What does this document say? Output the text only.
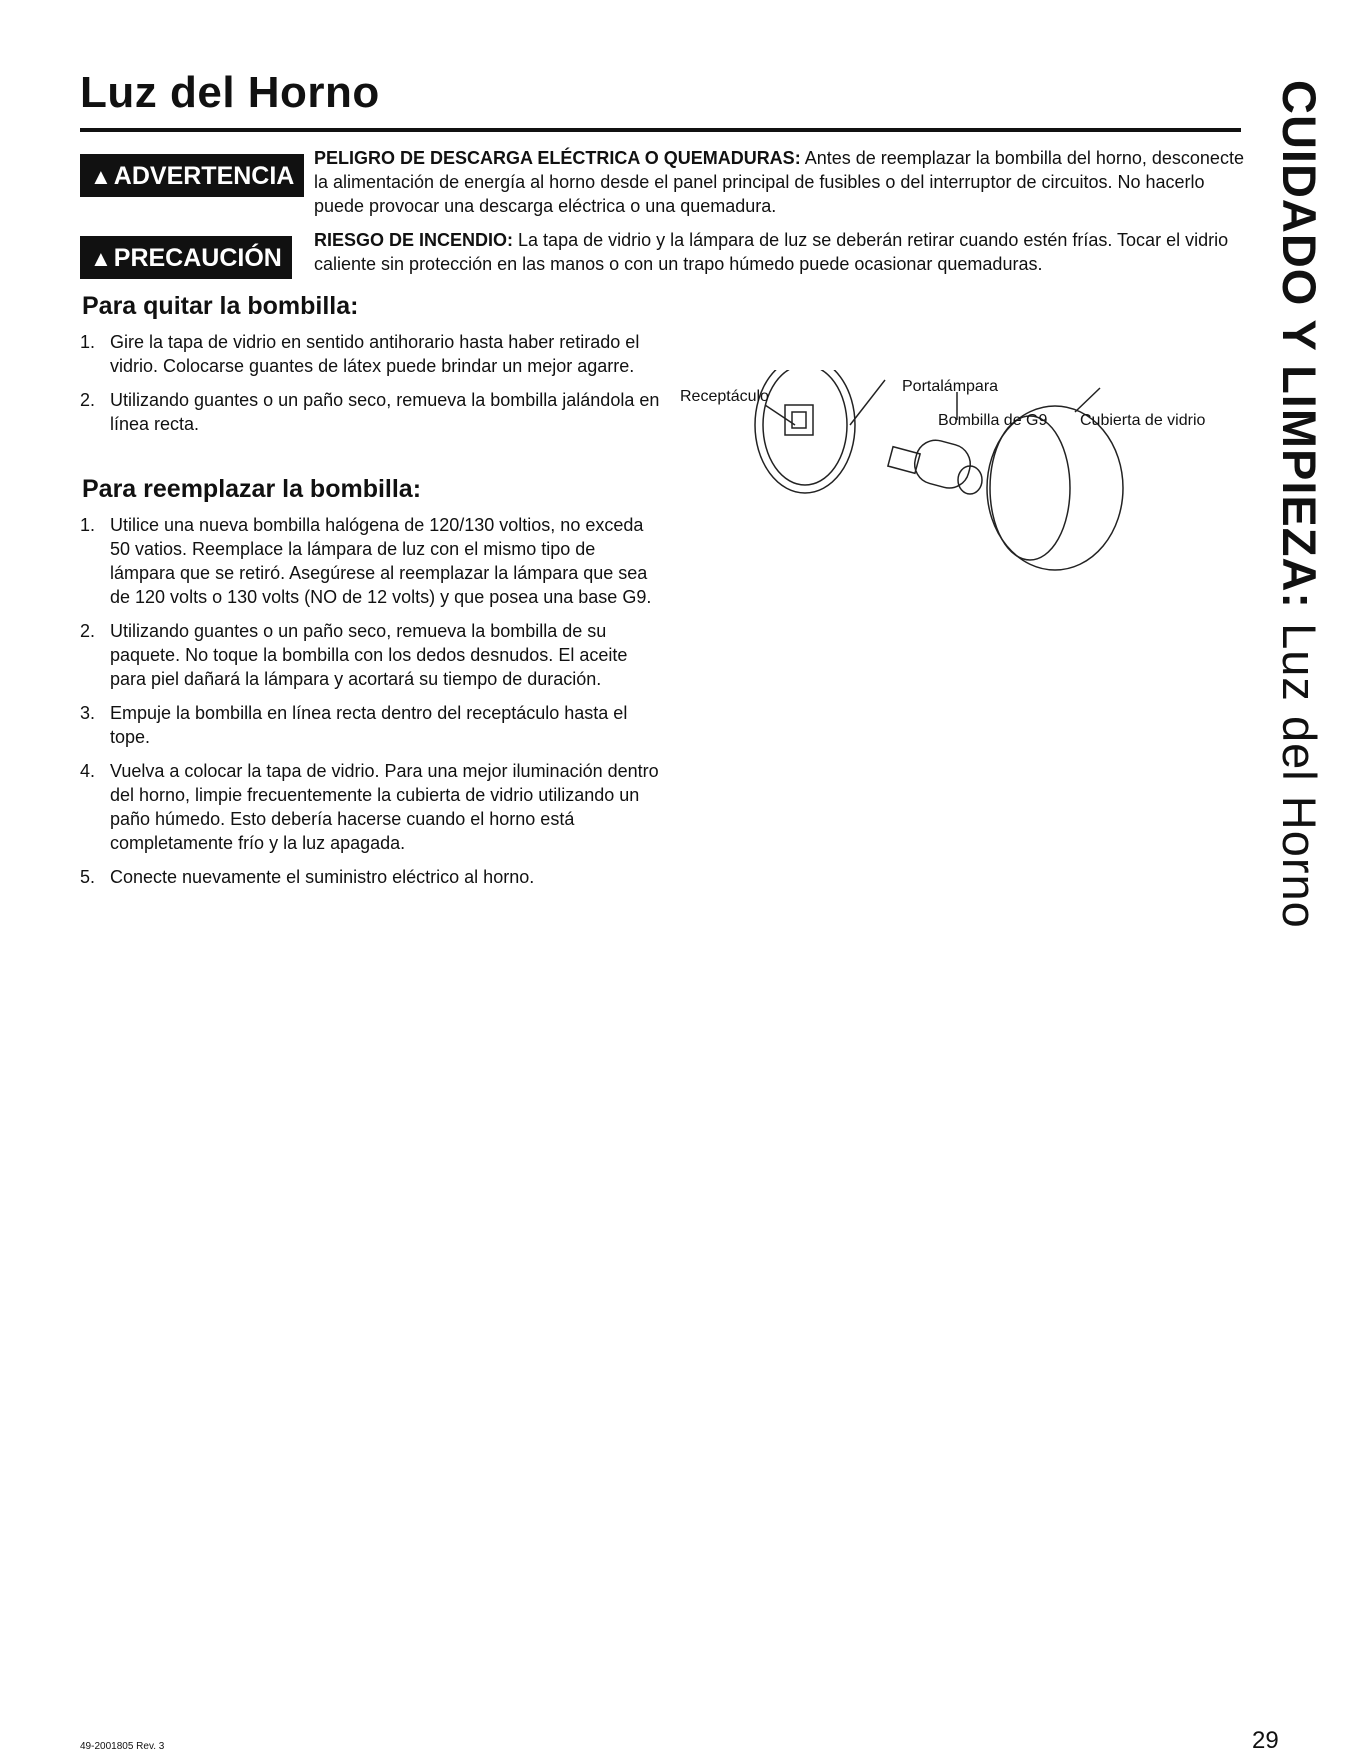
Luz del Horno	CUIDADO Y LIMPIEZA: Luz del Horno
▲ADVERTENCIA
PELIGRO DE DESCARGA ELÉCTRICA O QUEMADURAS: Antes de reemplazar la bombilla del horno, desconecte la alimentación de energía al horno desde el panel principal de fusibles o del interruptor de circuitos. No hacerlo puede provocar una descarga eléctrica o una quemadura.
▲PRECAUCIÓN
RIESGO DE INCENDIO: La tapa de vidrio y la lámpara de luz se deberán retirar cuando estén frías. Tocar el vidrio caliente sin protección en las manos o con un trapo húmedo puede ocasionar quemaduras.
Para quitar la bombilla:
1. Gire la tapa de vidrio en sentido antihorario hasta haber retirado el vidrio. Colocarse guantes de látex puede brindar un mejor agarre.
2. Utilizando guantes o un paño seco, remueva la bombilla jalándola en línea recta.
Para reemplazar la bombilla:
1. Utilice una nueva bombilla halógena de 120/130 voltios, no exceda 50 vatios. Reemplace la lámpara de luz con el mismo tipo de lámpara que se retiró. Asegúrese al reemplazar la lámpara que sea de 120 volts o 130 volts (NO de 12 volts) y que posea una base G9.
2. Utilizando guantes o un paño seco, remueva la bombilla de su paquete. No toque la bombilla con los dedos desnudos. El aceite para piel dañará la lámpara y acortará su tiempo de duración.
3. Empuje la bombilla en línea recta dentro del receptáculo hasta el tope.
4. Vuelva a colocar la tapa de vidrio. Para una mejor iluminación dentro del horno, limpie frecuentemente la cubierta de vidrio utilizando un paño húmedo. Esto debería hacerse cuando el horno está completamente frío y la luz apagada.
5. Conecte nuevamente el suministro eléctrico al horno.
Receptáculo
Portalámpara
Bombilla de G9 Cubierta de vidrio
49-2001805 Rev. 3	29
